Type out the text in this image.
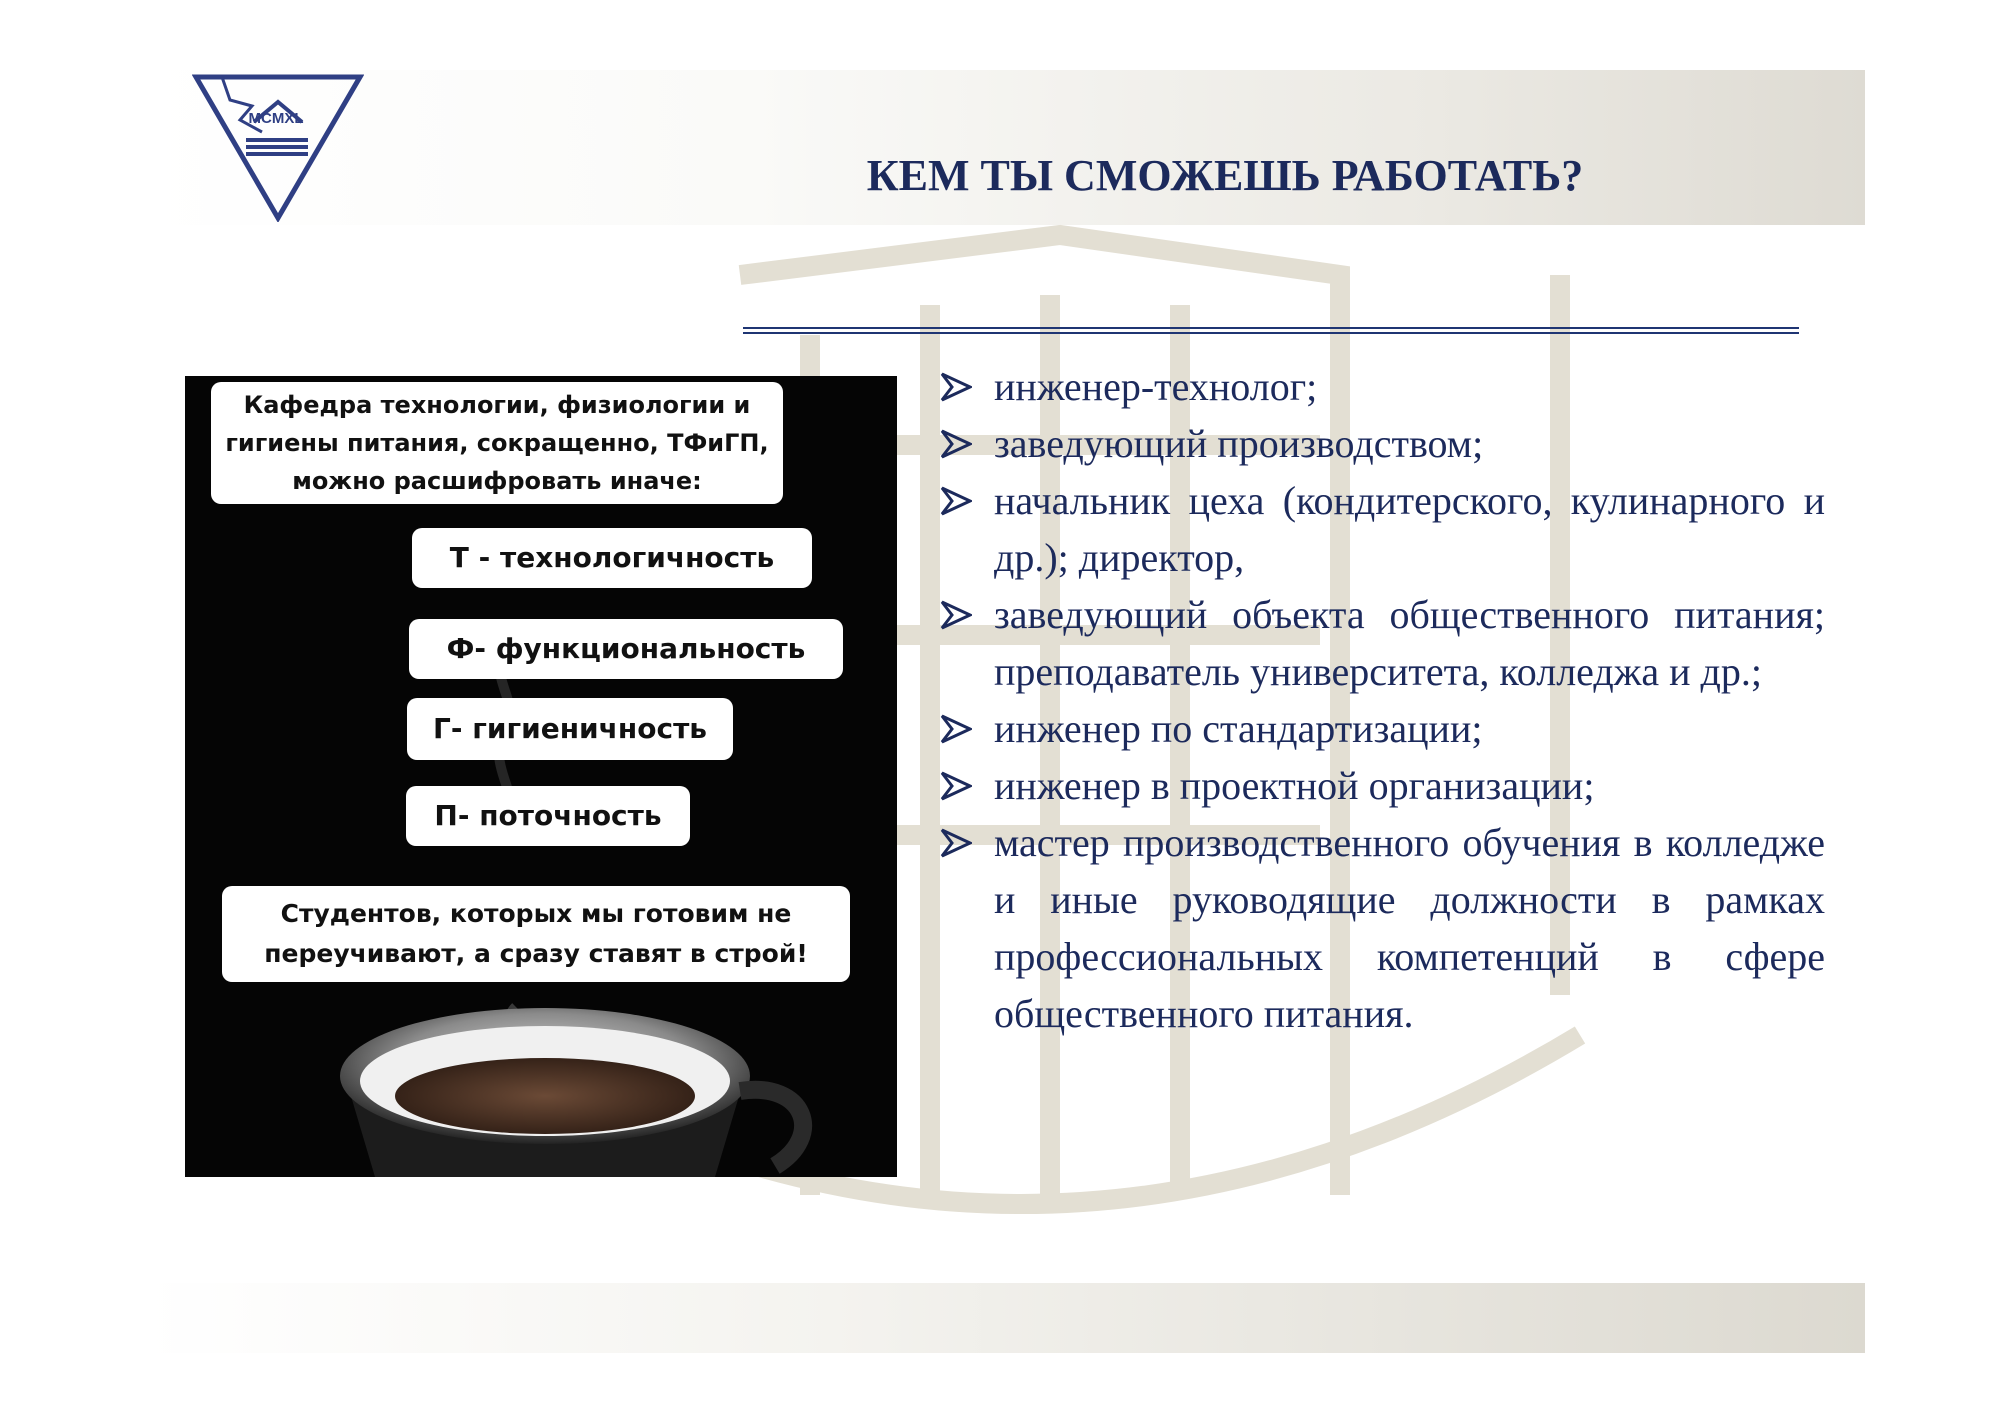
MCMXL
КЕМ ТЫ СМОЖЕШЬ РАБОТАТЬ?
Кафедра технологии, физиологии и гигиены питания, сокращенно, ТФиГП, можно расшифровать иначе:
Т - технологичность
Ф- функциональность
Г- гигиеничность
П- поточность
Студентов, которых мы готовим не переучивают, а сразу ставят в строй!
инженер-технолог;
заведующий производством;
начальник цеха (кондитерского, кулинарного и др.); директор,
заведующий объекта общественного питания; преподаватель университета, колледжа и др.;
инженер по стандартизации;
инженер в проектной организации;
мастер производственного обучения в колледже и иные руководящие должности в рамках профессиональных компетенций в сфере общественного питания.
